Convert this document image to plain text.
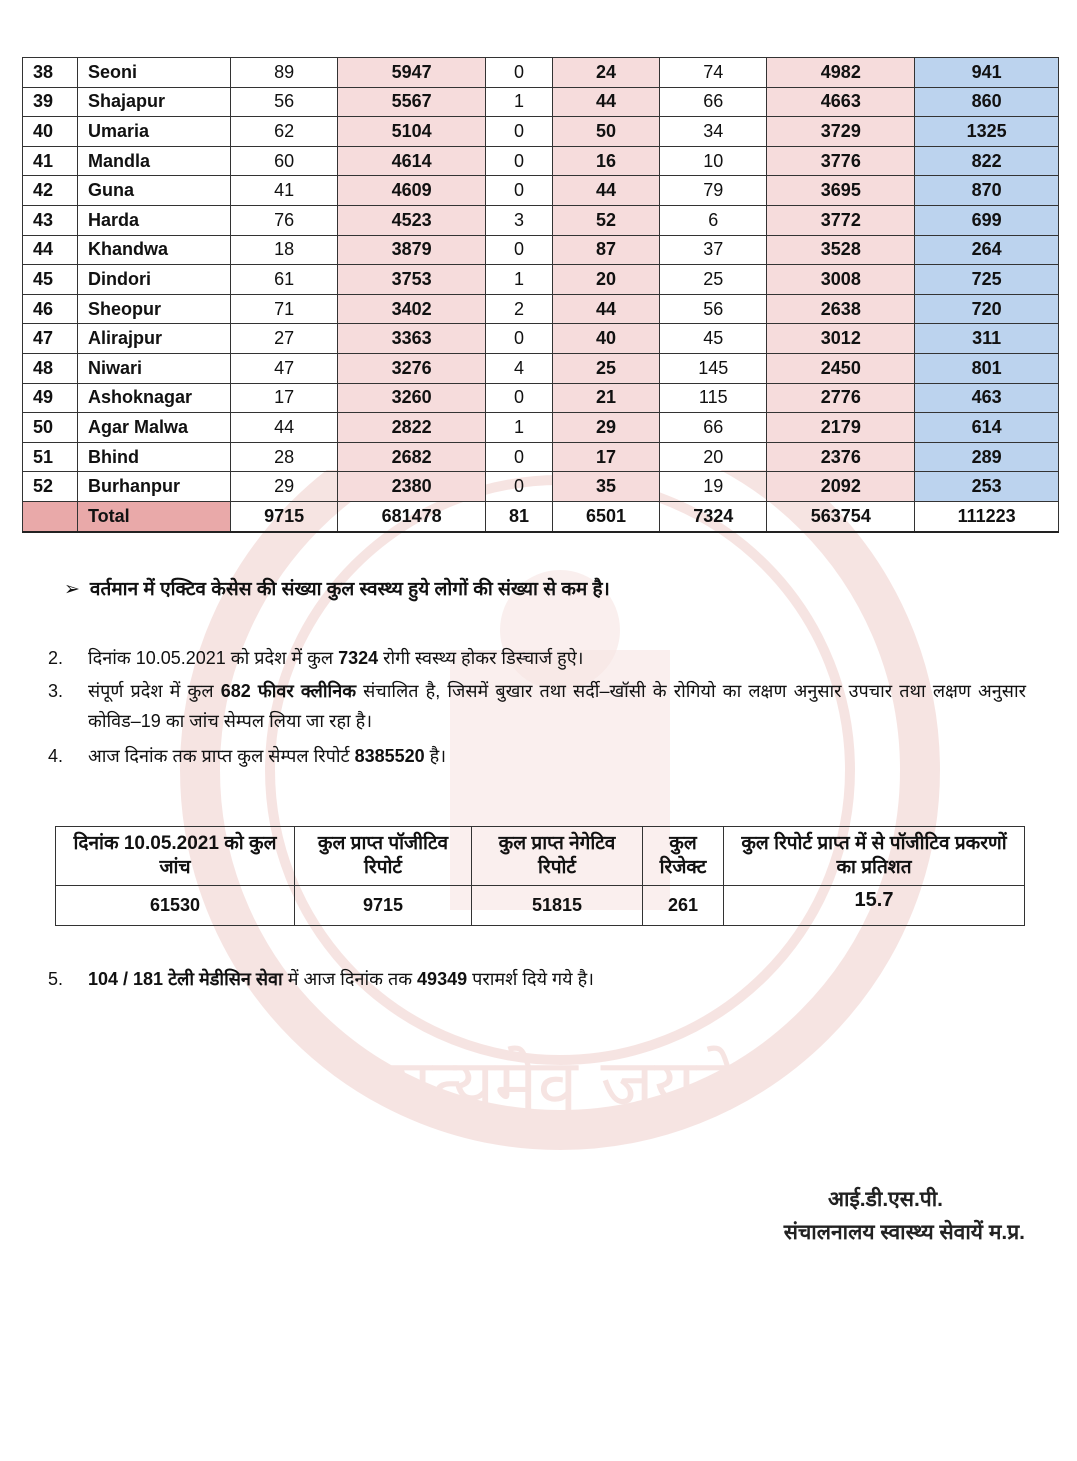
सत्यमेव जयते
38	Seoni	89	5947	0	24	74	4982	941
39	Shajapur	56	5567	1	44	66	4663	860
40	Umaria	62	5104	0	50	34	3729	1325
41	Mandla	60	4614	0	16	10	3776	822
42	Guna	41	4609	0	44	79	3695	870
43	Harda	76	4523	3	52	6	3772	699
44	Khandwa	18	3879	0	87	37	3528	264
45	Dindori	61	3753	1	20	25	3008	725
46	Sheopur	71	3402	2	44	56	2638	720
47	Alirajpur	27	3363	0	40	45	3012	311
48	Niwari	47	3276	4	25	145	2450	801
49	Ashoknagar	17	3260	0	21	115	2776	463
50	Agar Malwa	44	2822	1	29	66	2179	614
51	Bhind	28	2682	0	17	20	2376	289
52	Burhanpur	29	2380	0	35	19	2092	253
	Total	9715	681478	81	6501	7324	563754	111223
➢ वर्तमान में एक्टिव केसेस की संख्या कुल स्वस्थ्य हुये लोगों की संख्या से कम है।
2. दिनांक 10.05.2021 को प्रदेश में कुल 7324 रोगी स्वस्थ्य होकर डिस्चार्ज हुऐ।
3. संपूर्ण प्रदेश में कुल 682 फीवर क्लीनिक संचालित है, जिसमें बुखार तथा सर्दी–खॉसी के रोगियो का लक्षण अनुसार उपचार तथा लक्षण अनुसार कोविड–19 का जांच सेम्पल लिया जा रहा है।
4. आज दिनांक तक प्राप्त कुल सेम्पल रिपोर्ट 8385520 है।
दिनांक 10.05.2021 को कुल जांच	कुल प्राप्त पॉजीटिव रिपोर्ट	कुल प्राप्त नेगेटिव रिपोर्ट	कुल रिजेक्ट	कुल रिपोर्ट प्राप्त में से पॉजीटिव प्रकरणों का प्रतिशत
61530	9715	51815	261	15.7
5. 104 / 181 टेली मेडीसिन सेवा में आज दिनांक तक 49349 परामर्श दिये गये है।
आई.डी.एस.पी.
संचालनालय स्वास्थ्य सेवायें म.प्र.
